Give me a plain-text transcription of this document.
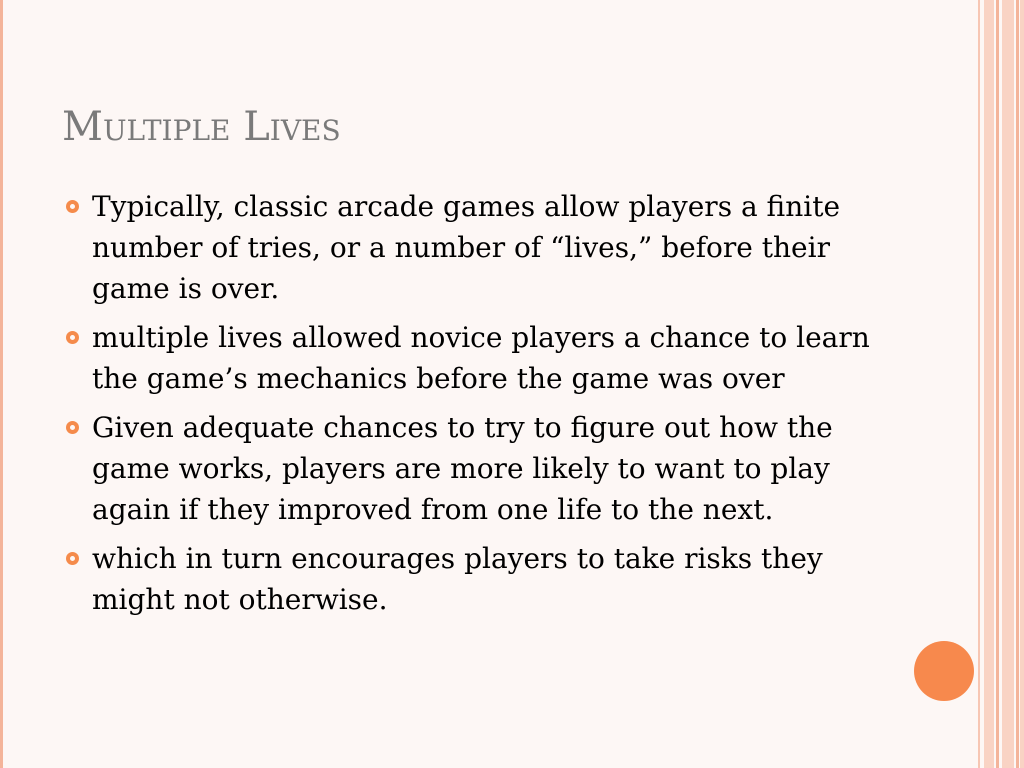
Multiple Lives
Typically, classic arcade games allow players a finite number of tries, or a number of “lives,” before their game is over.
multiple lives allowed novice players a chance to learn the game’s mechanics before the game was over
Given adequate chances to try to figure out how the game works, players are more likely to want to play again if they improved from one life to the next.
which in turn encourages players to take risks they might not otherwise.
